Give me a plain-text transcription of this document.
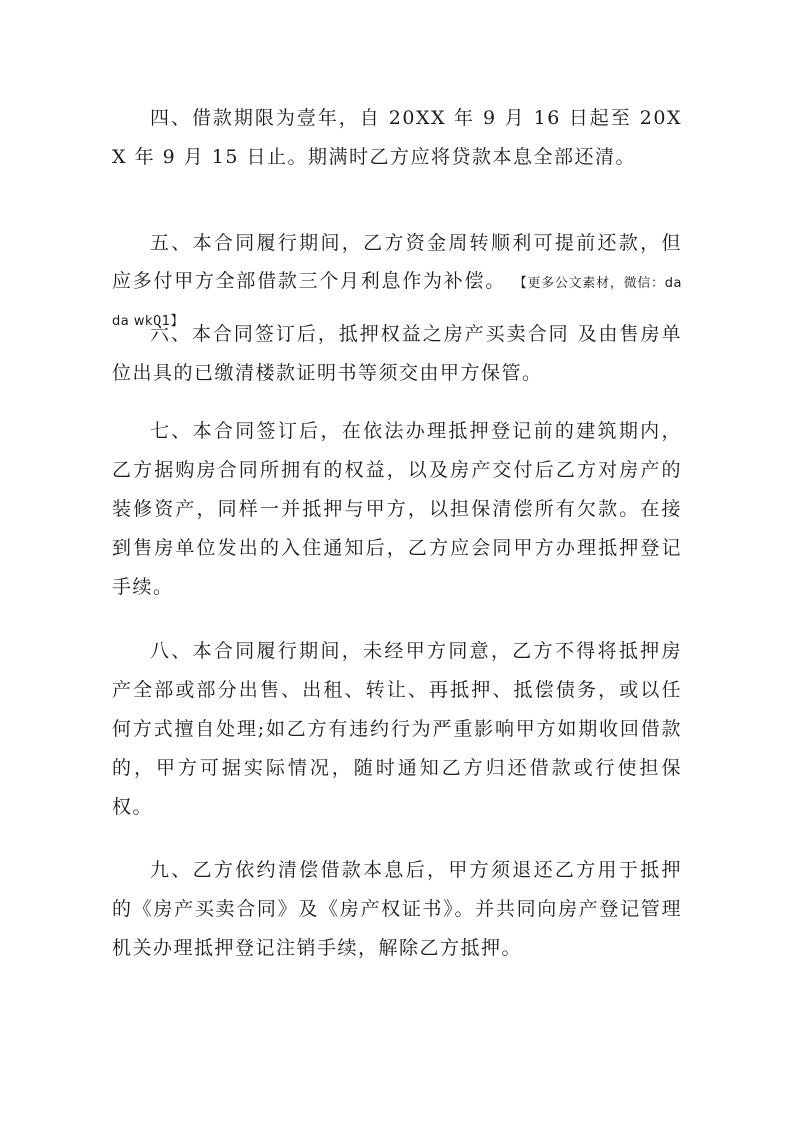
四、借款期限为壹年，自 20XX 年 9 月 16 日起至 20XX 年 9 月 15 日止。期满时乙方应将贷款本息全部还清。

五、本合同履行期间，乙方资金周转顺利可提前还款，但应多付甲方全部借款三个月利息作为补偿。 【更多公文素材，微信：dada wk01】

六、本合同签订后，抵押权益之房产买卖合同 及由售房单位出具的已缴清楼款证明书等须交由甲方保管。

七、本合同签订后，在依法办理抵押登记前的建筑期内，乙方据购房合同所拥有的权益，以及房产交付后乙方对房产的装修资产，同样一并抵押与甲方，以担保清偿所有欠款。在接到售房单位发出的入住通知后，乙方应会同甲方办理抵押登记手续。

八、本合同履行期间，未经甲方同意，乙方不得将抵押房产全部或部分出售、出租、转让、再抵押、抵偿债务，或以任何方式擅自处理;如乙方有违约行为严重影响甲方如期收回借款的，甲方可据实际情况，随时通知乙方归还借款或行使担保权。

九、乙方依约清偿借款本息后，甲方须退还乙方用于抵押的《房产买卖合同》及《房产权证书》。并共同向房产登记管理机关办理抵押登记注销手续，解除乙方抵押。
